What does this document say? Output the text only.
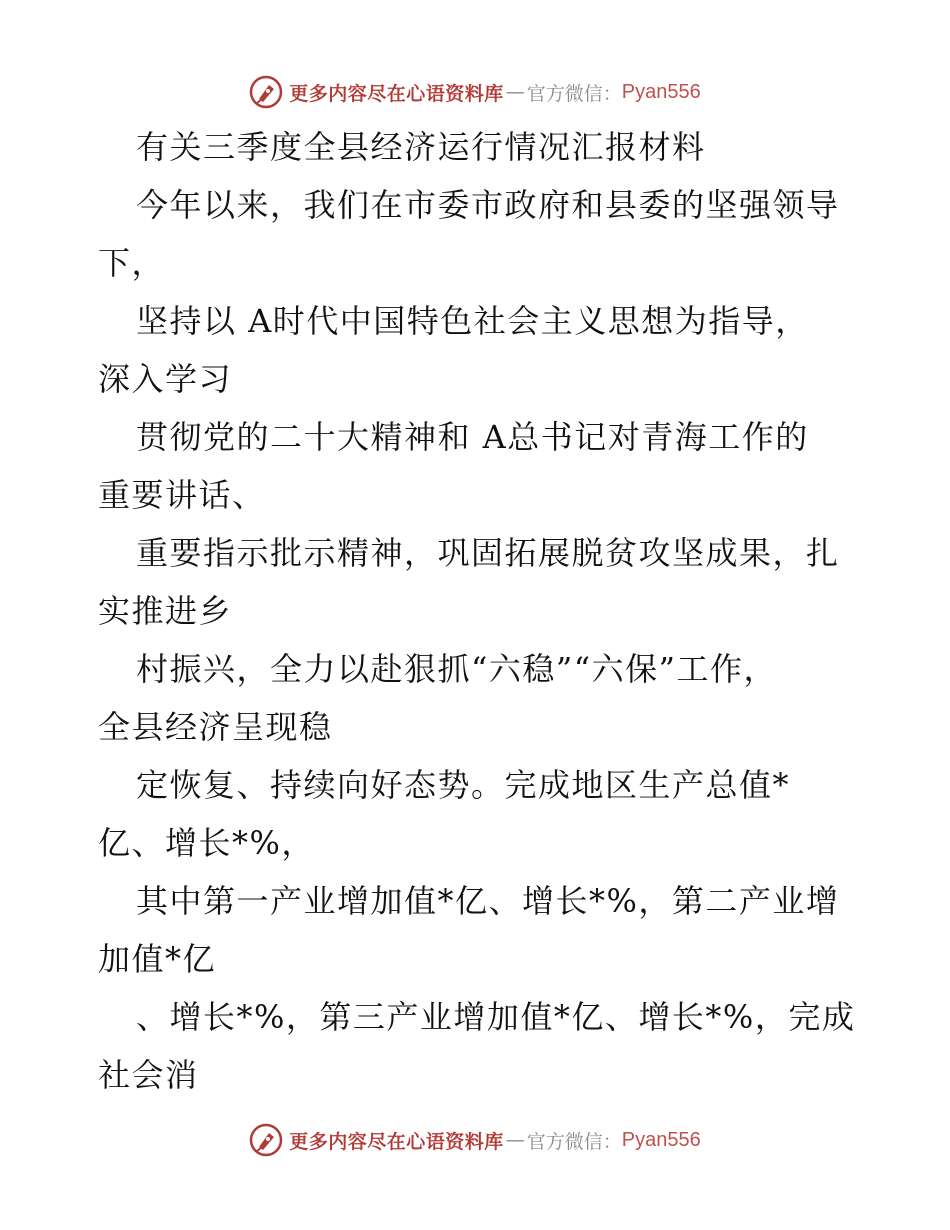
更多内容尽在心语资料库 — 官方微信： Pyan556
有关三季度全县经济运行情况汇报材料
今年以来，我们在市委市政府和县委的坚强领导
下，
坚持以 A时代中国特色社会主义思想为指导，
深入学习
贯彻党的二十大精神和 A总书记对青海工作的
重要讲话、
重要指示批示精神，巩固拓展脱贫攻坚成果，扎
实推进乡
村振兴，全力以赴狠抓“六稳”“六保”工作，
全县经济呈现稳
定恢复、持续向好态势。完成地区生产总值*
亿、增长*%，
其中第一产业增加值*亿、增长*%，第二产业增
加值*亿
、增长*%，第三产业增加值*亿、增长*%，完成
社会消
更多内容尽在心语资料库 — 官方微信： Pyan556
